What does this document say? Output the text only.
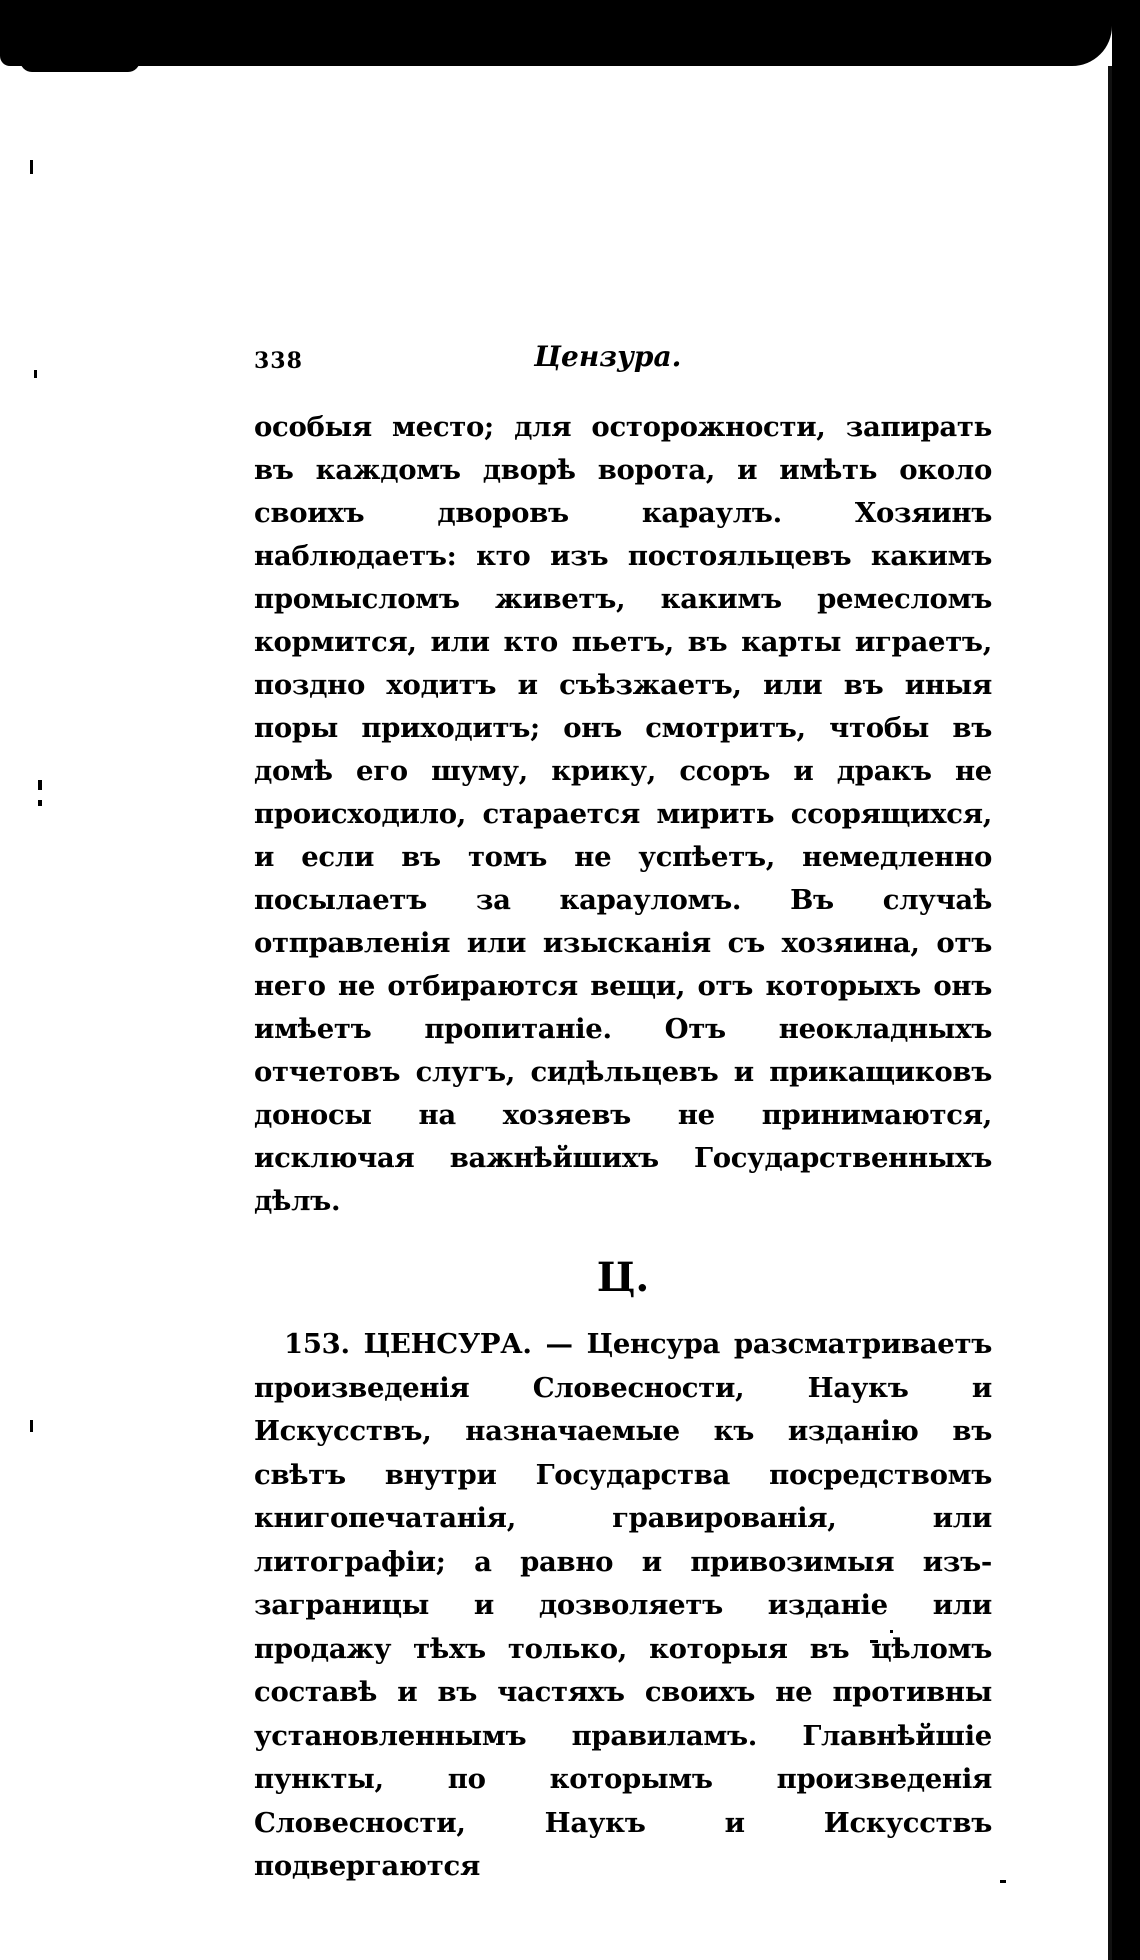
338	Цензура.
особыя место; для осторожности, запирать въ каждомъ дворѣ ворота, и имѣть около своихъ дворовъ караулъ. Хозяинъ наблюдаетъ: кто изъ постояльцевъ какимъ промысломъ живетъ, какимъ ремесломъ кормится, или кто пьетъ, въ карты играетъ, поздно ходитъ и съѣзжаетъ, или въ иныя поры приходитъ; онъ смотритъ, чтобы въ домѣ его шуму, крику, ссоръ и дракъ не происходило, старается мирить ссорящихся, и если въ томъ не успѣетъ, немедленно посылаетъ за карауломъ. Въ случаѣ отправленія или изысканія съ хозяина, отъ него не отбираются вещи, отъ которыхъ онъ имѣетъ пропитаніе. Отъ неокладныхъ отчетовъ слугъ, сидѣльцевъ и прикащиковъ доносы на хозяевъ не принимаются, исключая важнѣйшихъ Государственныхъ дѣлъ.
Ц.
153. ЦЕНСУРА. — Ценсура разсматриваетъ произведенія Словесности, Наукъ и Искусствъ, назначаемые къ изданію въ свѣтъ внутри Государства посредствомъ книгопечатанія, гравированія, или литографіи; а равно и привозимыя изъ-заграницы и дозволяетъ изданіе или продажу тѣхъ только, которыя въ цѣломъ составѣ и въ частяхъ своихъ не противны установленнымъ правиламъ. Главнѣйшіе пункты, по которымъ произведенія Словесности, Наукъ и Искусствъ подвергаются
